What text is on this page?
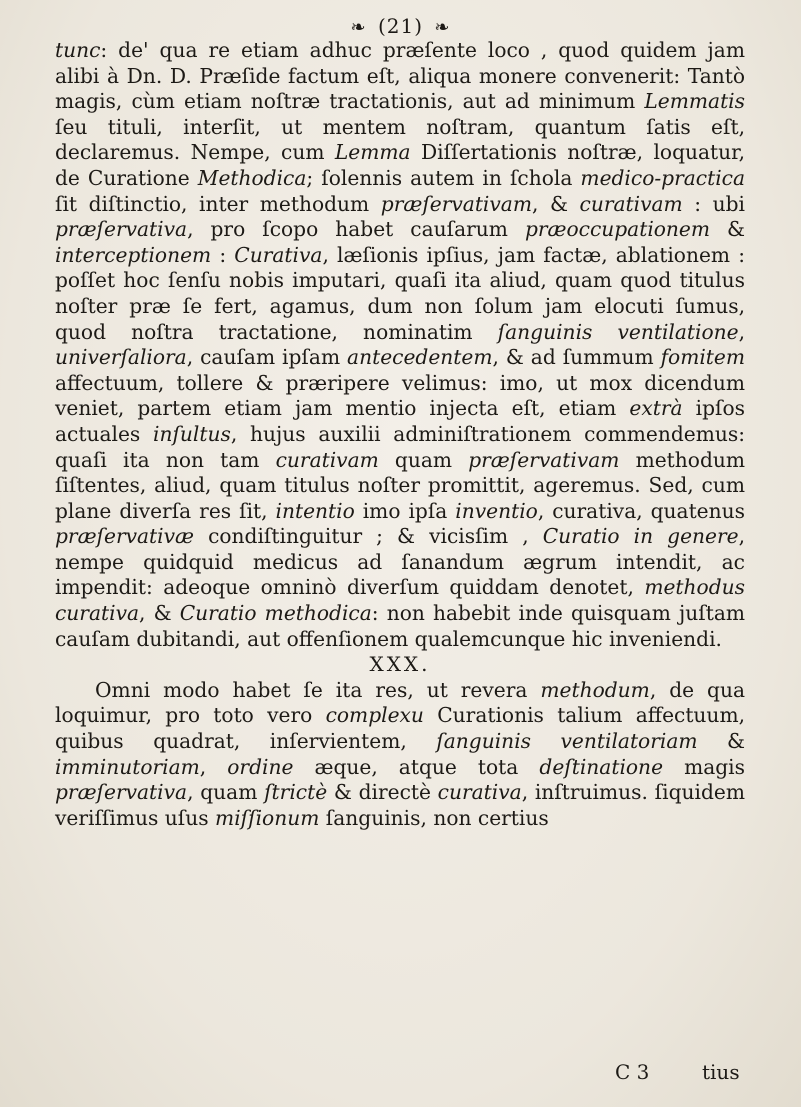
❧ (21) ❧

tunc: de' qua re etiam adhuc præſente loco , quod quidem jam alibi à Dn. D. Præſide factum eſt, aliqua monere convenerit: Tantò magis, cùm etiam noſtræ tractationis, aut ad minimum Lemmatis ſeu tituli, interſit, ut mentem noſtram, quantum ſatis eſt, declaremus. Nempe, cum Lemma Diſſertationis noſtræ, loquatur, de Curatione Methodica; ſolennis autem in ſchola medico-practica ſit diſtinctio, inter methodum præſervativam, & curativam : ubi præſervativa, pro ſcopo habet cauſarum præoccupationem & interceptionem : Curativa, læſionis ipſius, jam factæ, ablationem : poſſet hoc ſenſu nobis imputari, quaſi ita aliud, quam quod titulus noſter præ ſe fert, agamus, dum non ſolum jam elocuti ſumus, quod noſtra tractatione, nominatim ſanguinis ventilatione, univerſaliora, cauſam ipſam antecedentem, & ad ſummum fomitem affectuum, tollere & præripere velimus: imo, ut mox dicendum veniet, partem etiam jam mentio injecta eſt, etiam extrà ipſos actuales inſultus, hujus auxilii adminiſtrationem commendemus: quaſi ita non tam curativam quam præſervativam methodum ſiſtentes, aliud, quam titulus noſter promittit, ageremus. Sed, cum plane diverſa res ſit, intentio imo ipſa inventio, curativa, quatenus præſervativæ condiſtinguitur ; & vicisſim , Curatio in genere, nempe quidquid medicus ad ſanandum ægrum intendit, ac impendit: adeoque omninò diverſum quiddam denotet, methodus curativa, & Curatio methodica: non habebit inde quisquam juſtam cauſam dubitandi, aut offenſionem qualemcunque hic inveniendi.

XXX.

Omni modo habet ſe ita res, ut revera methodum, de qua loquimur, pro toto vero complexu Curationis talium affectuum, quibus quadrat, inſervientem, ſanguinis ventilatoriam & imminutoriam, ordine æque, atque tota deſtinatione magis præſervativa, quam ſtrictè & directè curativa, inſtruimus. ſiquidem veriſſimus uſus miſſionum ſanguinis, non certius

C 3	tius
